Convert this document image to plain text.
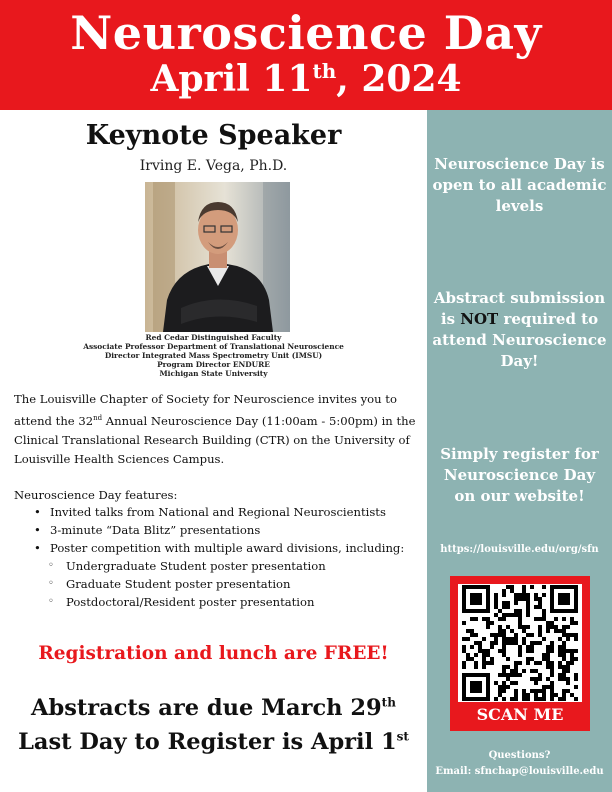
Neuroscience Day
April 11th, 2024
Keynote Speaker
Irving E. Vega, Ph.D.
Red Cedar Distinguished Faculty
Associate Professor Department of Translational Neuroscience
Director Integrated Mass Spectrometry Unit (IMSU)
Program Director ENDURE
Michigan State University
The Louisville Chapter of Society for Neuroscience invites you to attend the 32nd Annual Neuroscience Day (11:00am - 5:00pm) in the Clinical Translational Research Building (CTR) on the University of Louisville Health Sciences Campus.
Neuroscience Day features:
• Invited talks from National and Regional Neuroscientists
• 3-minute “Data Blitz” presentations
• Poster competition with multiple award divisions, including:
◦ Undergraduate Student poster presentation
◦ Graduate Student poster presentation
◦ Postdoctoral/Resident poster presentation
Registration and lunch are FREE!
Abstracts are due March 29th
Last Day to Register is April 1st
Neuroscience Day is open to all academic levels
Abstract submission is NOT required to attend Neuroscience Day!
Simply register for Neuroscience Day on our website!
https://louisville.edu/org/sfn
SCAN ME
Questions?
Email: sfnchap@louisville.edu
